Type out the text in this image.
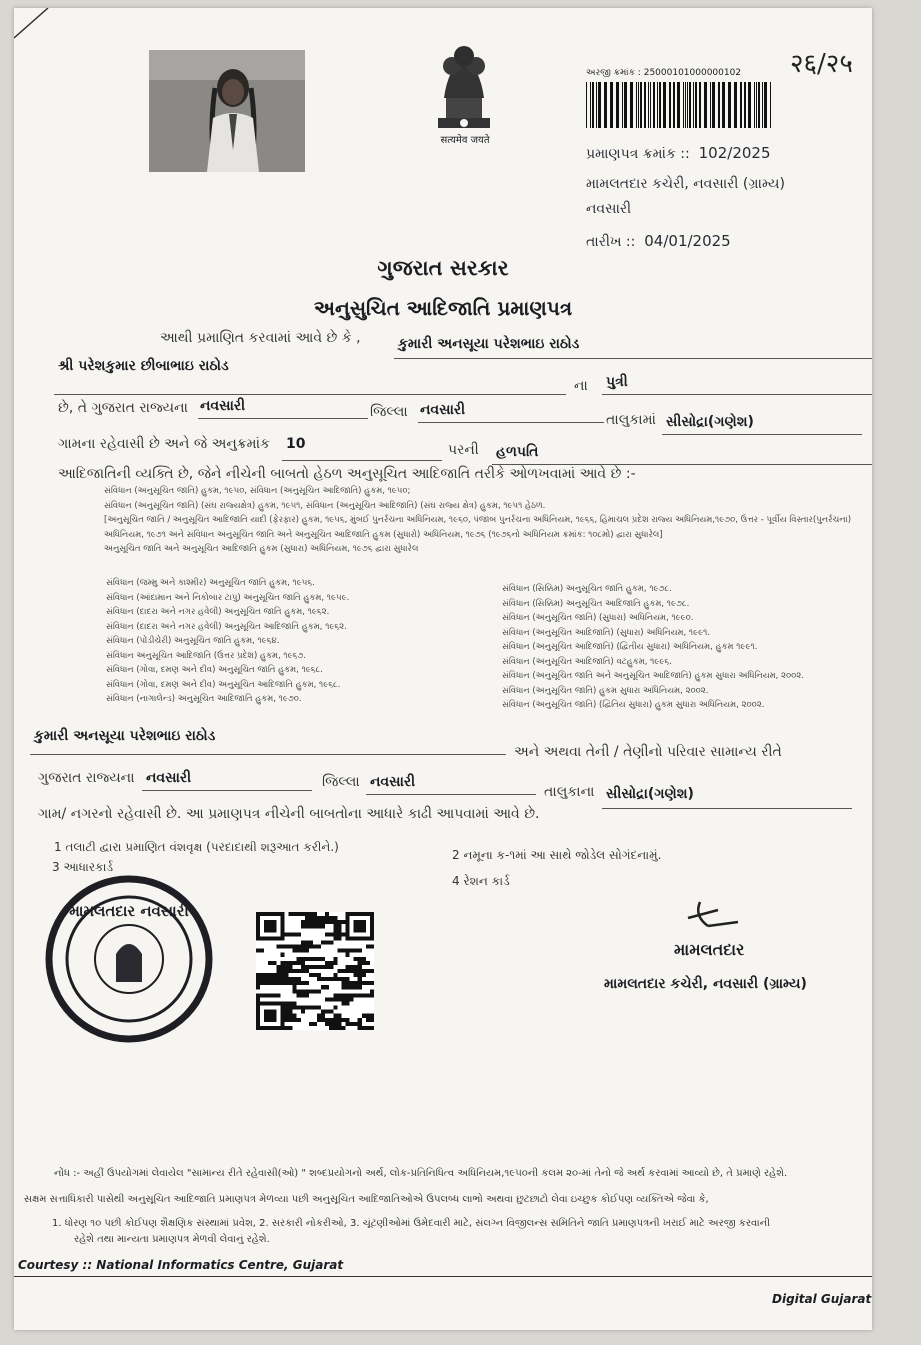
सत्यमेव जयते
२६/२५
અરજી ક્રમાંક : 25000101000000102
પ્રમાણપત્ર ક્રમાંક :: 102/2025
મામલતદાર કચેરી, નવસારી (ગ્રામ્ય)
નવસારી
તારીખ :: 04/01/2025
ગુજરાત સરકાર
અનુસુચિત આદિજાતિ પ્રમાણપત્ર
આથી પ્રમાણિત કરવામાં આવે છે કે ,	કુમારી અનસૂયા પરેશભાઇ રાઠોડ
શ્રી પરેશકુમાર છીબાભાઇ રાઠોડ
ના પુત્રી
છે, તે ગુજરાત રાજ્યના નવસારી	જિલ્લા નવસારી
તાલુકામાં સીસોદ્રા(ગણેશ)
ગામના રહેવાસી છે અને જે અનુક્રમાંક 10	પરની હળપતિ
આદિજાતિની વ્યક્તિ છે, જેને નીચેની બાબતો હેઠળ અનુસૂચિત આદિજાતિ તરીકે ઓળખવામાં આવે છે :-
સંવિધાન (અનુસૂચિત જાતિ) હુકમ, ૧૯૫૦, સંવિધાન (અનુસૂચિત આદિજાતિ) હુકમ, ૧૯૫૦;
સંવિધાન (અનુસૂચિત જાતિ) (સંઘ રાજ્યક્ષેત્ર) હુકમ, ૧૯૫૧, સંવિધાન (અનુસૂચિત આદિજાતિ) (સંઘ રાજ્ય ક્ષેત્ર) હુકમ, ૧૯૫૧ હેઠળ.
[અનુસૂચિત જાતિ / અનુસૂચિત આદિજાતિ યાદી (ફેરફાર) હુકમ, ૧૯૫૬, મુંબઈ પુનર્રચના અધિનિયમ, ૧૯૬૦, પંજાબ પુનર્રચના અધિનિયમ, ૧૯૬૬, હિમાચલ પ્રદેશ રાજ્ય અધિનિયમ,૧૯૭૦, ઉત્તર - પૂર્વીય વિસ્તાર(પુનર્રચના)
અધિનિયમ, ૧૯૭૧ અને સંવિધાન અનુસૂચિત જાતિ અને અનુસૂચિત આદિજાતિ હુકમ (સુધારો) અધિનિયમ, ૧૯૭૬ (૧૯૭૬નો અધિનિયમ ક્રમાંક: ૧૦૮મો) દ્વારા સુધારેલ]
અનુસૂચિત જાતિ અને અનુસૂચિત આદિજાતિ હુકમ (સુધારા) અધિનિયમ, ૧૯૭૬ દ્વારા સુધારેલ
સંવિધાન (જમ્મુ અને કાશ્મીર) અનુસૂચિત જાતિ હુકમ, ૧૯૫૬.
સંવિધાન (આંદામાન અને નિકોબાર ટાપુ) અનુસૂચિત જાતિ હુકમ, ૧૯૫૯.
સંવિધાન (દાદરા અને નગર હવેલી) અનુસૂચિત જાતિ હુકમ, ૧૯૬૨.
સંવિધાન (દાદરા અને નગર હવેલી) અનુસૂચિત આદિજાતિ હુકમ, ૧૯૬૨.
સંવિધાન (પોંડીચેરી) અનુસૂચિત જાતિ હુકમ, ૧૯૬૪.
સંવિધાન અનુસૂચિત આદિજાતિ (ઉત્તર પ્રદેશ) હુકમ, ૧૯૬૭.
સંવિધાન (ગોવા, દમણ અને દીવ) અનુસૂચિત જાતિ હુકમ, ૧૯૬૮.
સંવિધાન (ગોવા, દમણ અને દીવ) અનુસૂચિત આદિજાતિ હુકમ, ૧૯૬૮.
સંવિધાન (નાગાલેન્ડ) અનુસૂચિત આદિજાતિ હુકમ, ૧૯૭૦.
સંવિધાન (સિક્કિમ) અનુસૂચિત જાતિ હુકમ, ૧૯૭૮.
સંવિધાન (સિક્કિમ) અનુસૂચિત આદિજાતિ હુકમ, ૧૯૭૮.
સંવિધાન (અનુસૂચિત જાતિ) (સુધારા) અધિનિયમ, ૧૯૯૦.
સંવિધાન (અનુસૂચિત આદિજાતિ) (સુધારા) અધિનિયમ, ૧૯૯૧.
સંવિધાન (અનુસૂચિત આદિજાતિ) (દ્વિતીય સુધારા) અધિનિયમ, હુકમ ૧૯૯૧.
સંવિધાન (અનુસૂચિત આદિજાતિ) વટહુકમ, ૧૯૯૬.
સંવિધાન (અનુસૂચિત જાતિ અને અનુસૂચિત આદિજાતિ) હુકમ સુધારા અધિનિયમ, ૨૦૦૨.
સંવિધાન (અનુસૂચિત જાતિ) હુકમ સુધારા અધિનિયમ, ૨૦૦૨.
સંવિધાન (અનુસૂચિત જાતિ) (દ્વિતિય સુધારા) હુકમ સુધારા અધિનિયમ, ૨૦૦૨.
કુમારી અનસૂયા પરેશભાઇ રાઠોડ
અને અથવા તેની / તેણીનો પરિવાર સામાન્ય રીતે
ગુજરાત રાજ્યના નવસારી	જિલ્લા નવસારી
તાલુકાના સીસોદ્રા(ગણેશ)
ગામ/ નગરનો રહેવાસી છે. આ પ્રમાણપત્ર નીચેની બાબતોના આધારે કાઢી આપવામાં આવે છે.
1 તલાટી દ્વારા પ્રમાણિત વંશવૃક્ષ (પરદાદાથી શરૂઆત કરીને.)
2 નમૂના ક-૧માં આ સાથે જોડેલ સોગંદનામું.
3 આધારકાર્ડ
4 રેશન કાર્ડ
મામલતદાર નવસારી
મામલતદાર
મામલતદાર કચેરી, નવસારી (ગ્રામ્ય)
નોંધ :- અહીં ઉપયોગમાં લેવાયેલ "સામાન્ય રીતે રહેવાસી(ઓ) " શબ્દપ્રયોગનો અર્થ, લોક-પ્રતિનિધિત્વ અધિનિયમ,૧૯૫૦ની કલમ ૨૦-માં તેનો જે અર્થ કરવામાં આવ્યો છે, તે પ્રમાણે રહેશે.
સક્ષમ સત્તાધિકારી પાસેથી અનુસૂચિત આદિજાતિ પ્રમાણપત્ર મેળવ્યા પછી અનુસૂચિત આદિજાતિઓએ ઉપલબ્ધ લાભો અથવા છુટછાટો લેવા ઇચ્છુક કોઈપણ વ્યક્તિએ જેવા કે,
1. ધોરણ ૧૦ પછી કોઈપણ શૈક્ષણિક સંસ્થામાં પ્રવેશ, 2. સરકારી નોકરીઓ, 3. ચૂંટણીઓમાં ઉમેદવારી માટે, સંલગ્ન વિજીલન્સ સમિતિને જાતિ પ્રમાણપત્રની ખરાઈ માટે અરજી કરવાની
રહેશે તથા માન્યતા પ્રમાણપત્ર મેળવી લેવાનું રહેશે.
Courtesy :: National Informatics Centre, Gujarat
Digital Gujarat
